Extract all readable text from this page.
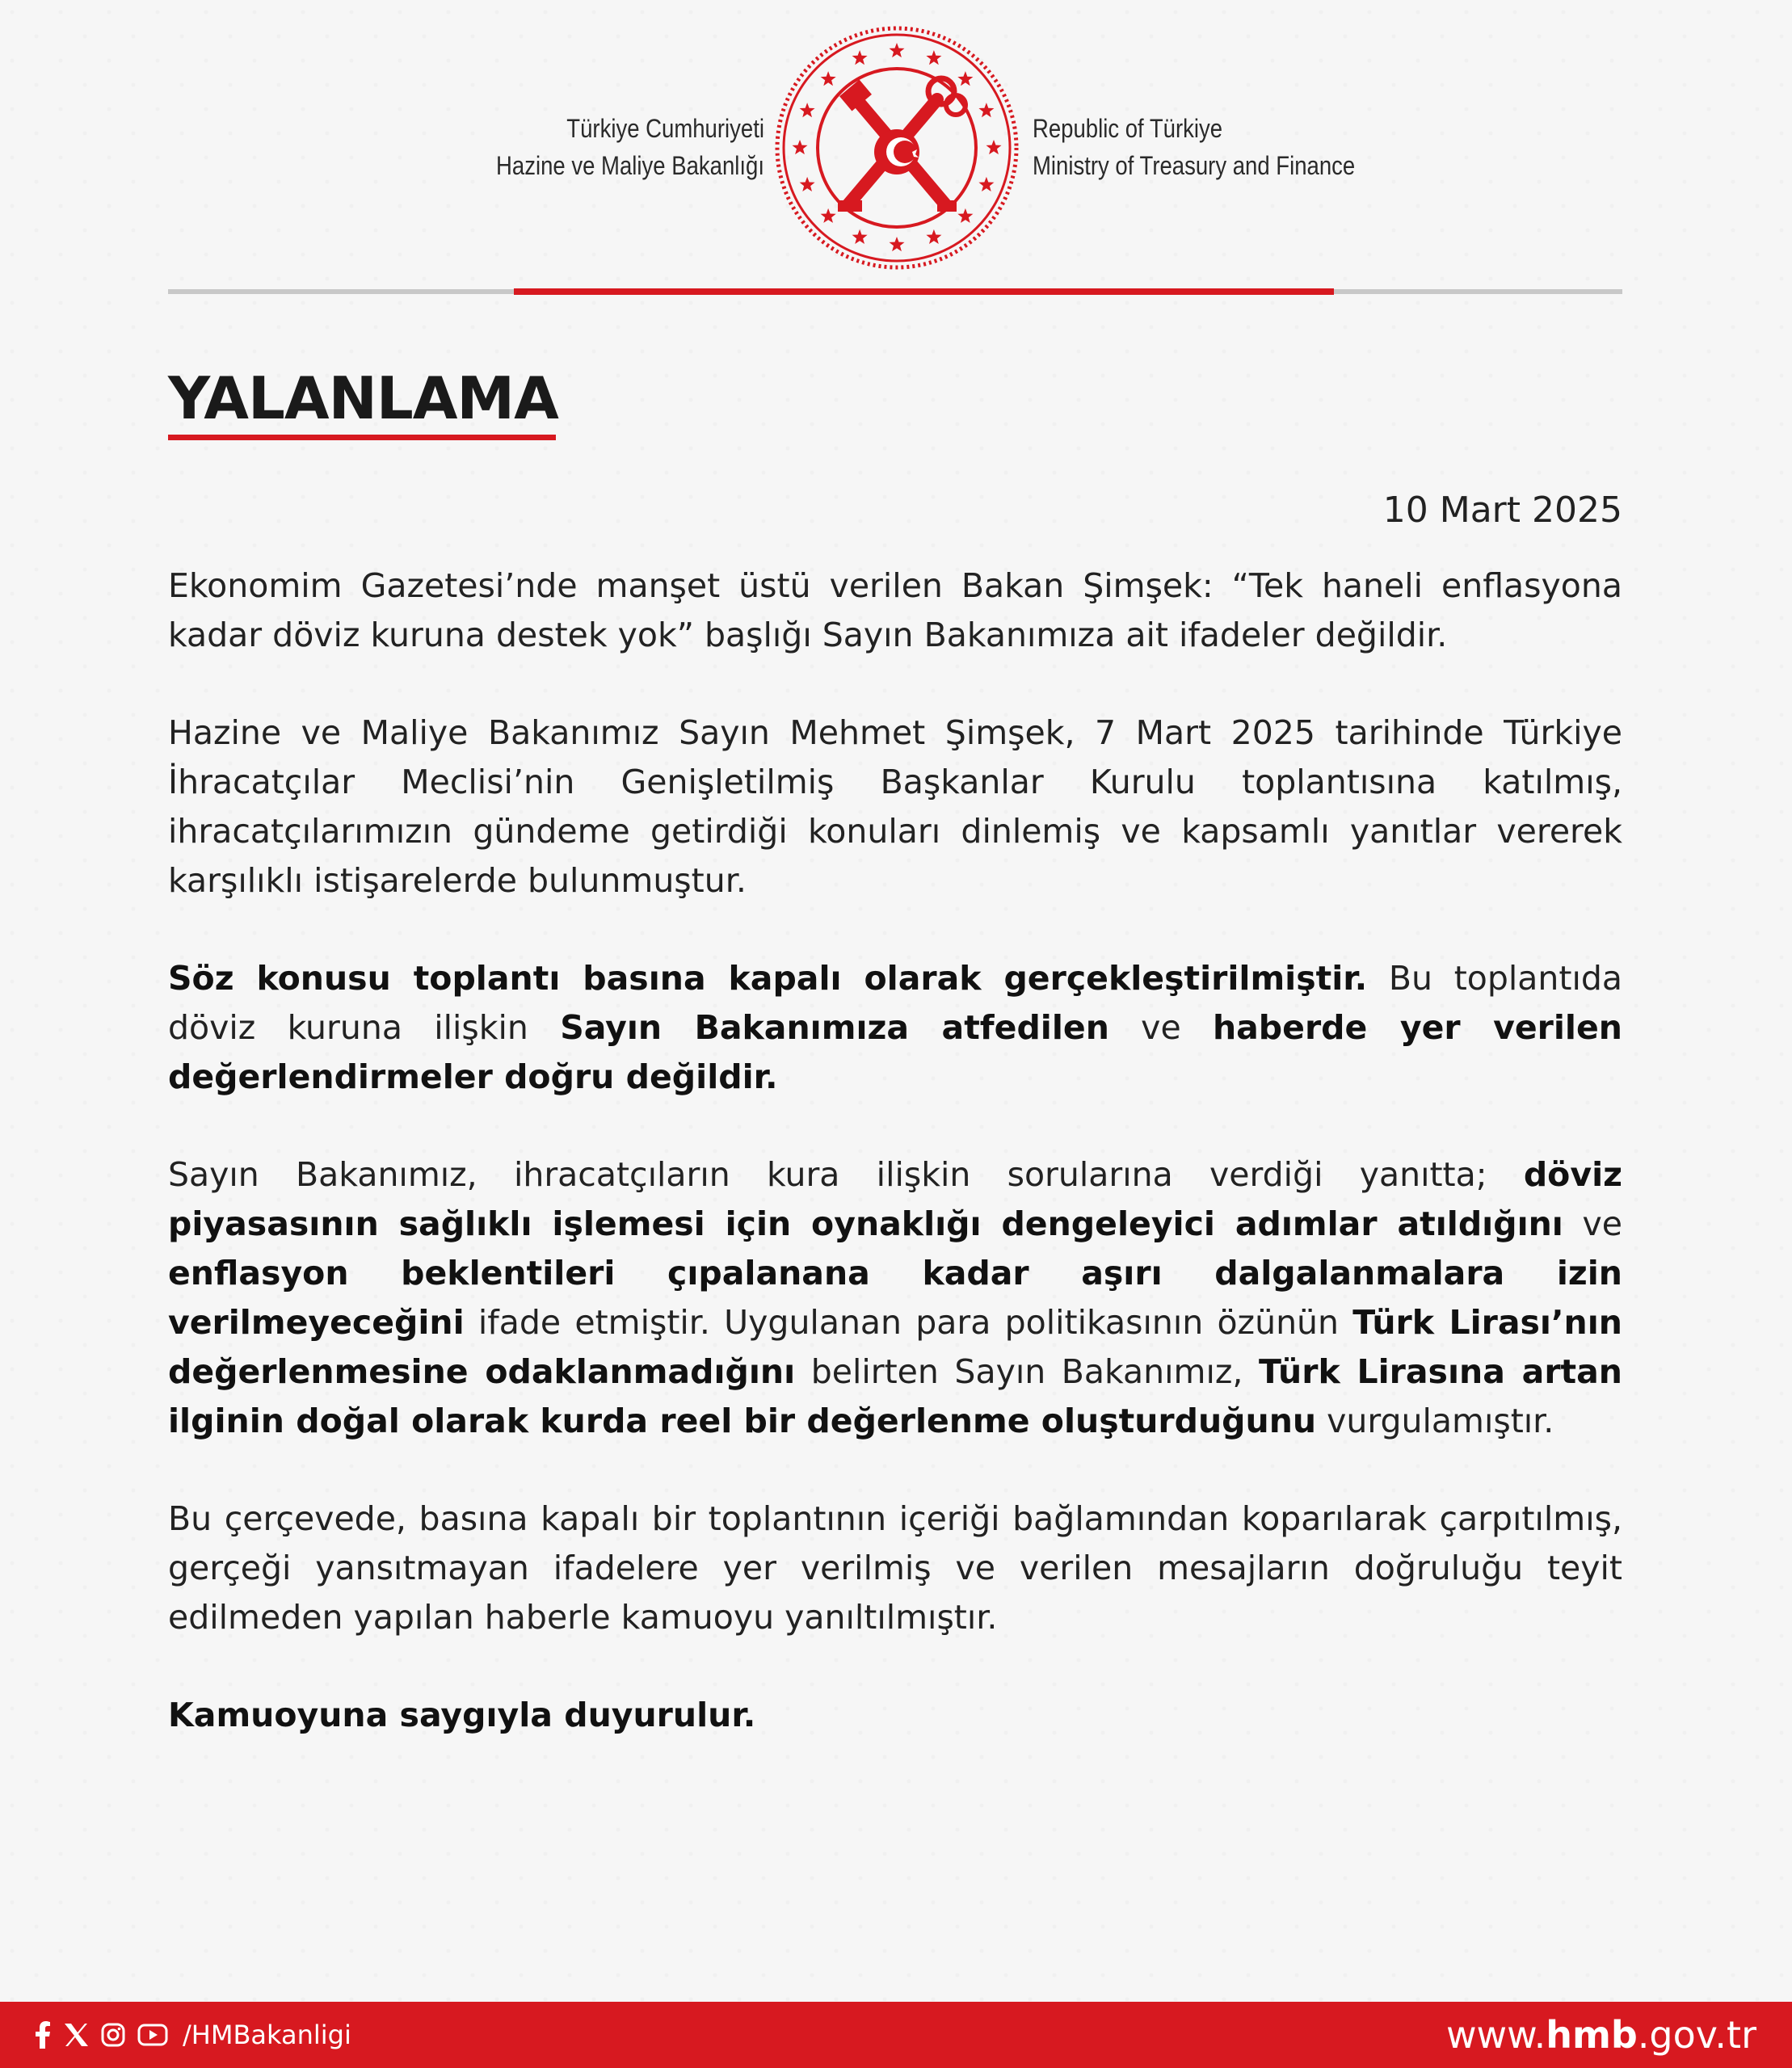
Türkiye Cumhuriyeti
Hazine ve Maliye Bakanlığı
Republic of Türkiye
Ministry of Treasury and Finance
YALANLAMA
10 Mart 2025

Ekonomim Gazetesi’nde manşet üstü verilen Bakan Şimşek: “Tek haneli enflasyona kadar döviz kuruna destek yok” başlığı Sayın Bakanımıza ait ifadeler değildir.

Hazine ve Maliye Bakanımız Sayın Mehmet Şimşek, 7 Mart 2025 tarihinde Türkiye İhracatçılar Meclisi’nin Genişletilmiş Başkanlar Kurulu toplantısına katılmış, ihracatçılarımızın gündeme getirdiği konuları dinlemiş ve kapsamlı yanıtlar vererek karşılıklı istişarelerde bulunmuştur.

Söz konusu toplantı basına kapalı olarak gerçekleştirilmiştir. Bu toplantıda döviz kuruna ilişkin Sayın Bakanımıza atfedilen ve haberde yer verilen değerlendirmeler doğru değildir.

Sayın Bakanımız, ihracatçıların kura ilişkin sorularına verdiği yanıtta; döviz piyasasının sağlıklı işlemesi için oynaklığı dengeleyici adımlar atıldığını ve enflasyon beklentileri çıpalanana kadar aşırı dalgalanmalara izin verilmeyeceğini ifade etmiştir. Uygulanan para politikasının özünün Türk Lirası’nın değerlenmesine odaklanmadığını belirten Sayın Bakanımız, Türk Lirasına artan ilginin doğal olarak kurda reel bir değerlenme oluşturduğunu vurgulamıştır.

Bu çerçevede, basına kapalı bir toplantının içeriği bağlamından koparılarak çarpıtılmış, gerçeği yansıtmayan ifadelere yer verilmiş ve verilen mesajların doğruluğu teyit edilmeden yapılan haberle kamuoyu yanıltılmıştır.

Kamuoyuna saygıyla duyurulur.

/HMBakanligi	www.hmb.gov.tr
